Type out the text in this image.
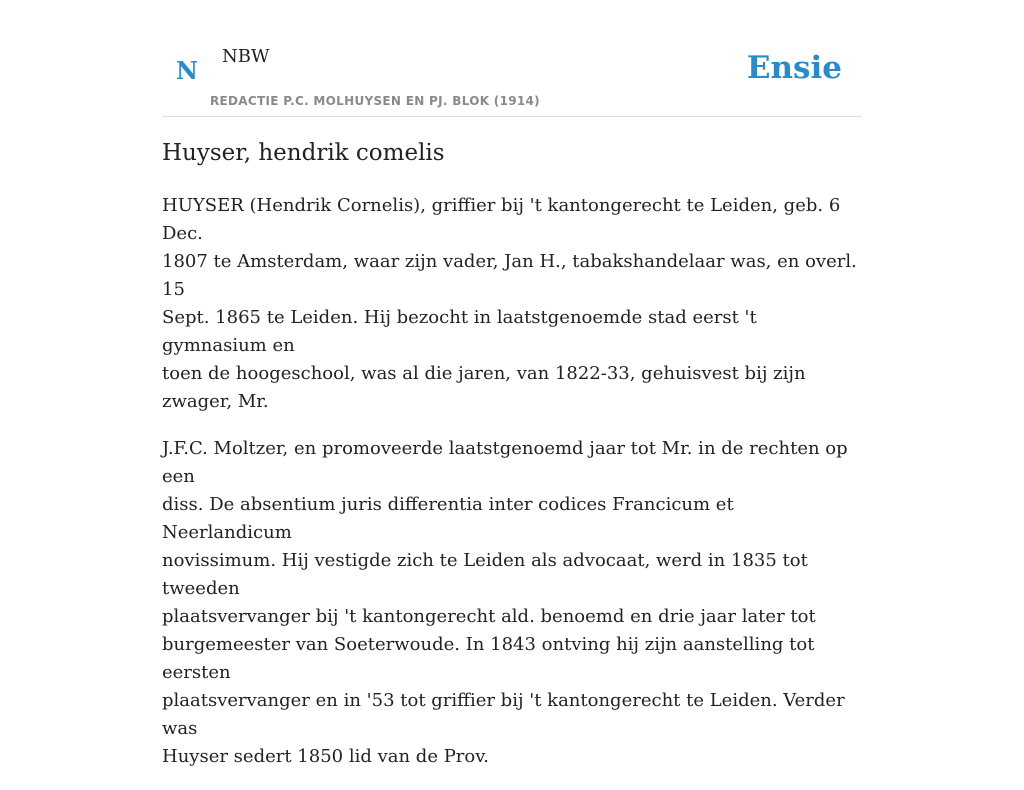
N NBW
REDACTIE P.C. MOLHUYSEN EN PJ. BLOK (1914)
Ensie
Huyser, hendrik comelis

HUYSER (Hendrik Cornelis), griffier bij 't kantongerecht te Leiden, geb. 6 Dec.
1807 te Amsterdam, waar zijn vader, Jan H., tabakshandelaar was, en overl. 15
Sept. 1865 te Leiden. Hij bezocht in laatstgenoemde stad eerst 't gymnasium en
toen de hoogeschool, was al die jaren, van 1822-33, gehuisvest bij zijn zwager, Mr.

J.F.C. Moltzer, en promoveerde laatstgenoemd jaar tot Mr. in de rechten op een
diss. De absentium juris differentia inter codices Francicum et Neerlandicum
novissimum. Hij vestigde zich te Leiden als advocaat, werd in 1835 tot tweeden
plaatsvervanger bij 't kantongerecht ald. benoemd en drie jaar later tot
burgemeester van Soeterwoude. In 1843 ontving hij zijn aanstelling tot eersten
plaatsvervanger en in '53 tot griffier bij 't kantongerecht te Leiden. Verder was
Huyser sedert 1850 lid van de Prov.
